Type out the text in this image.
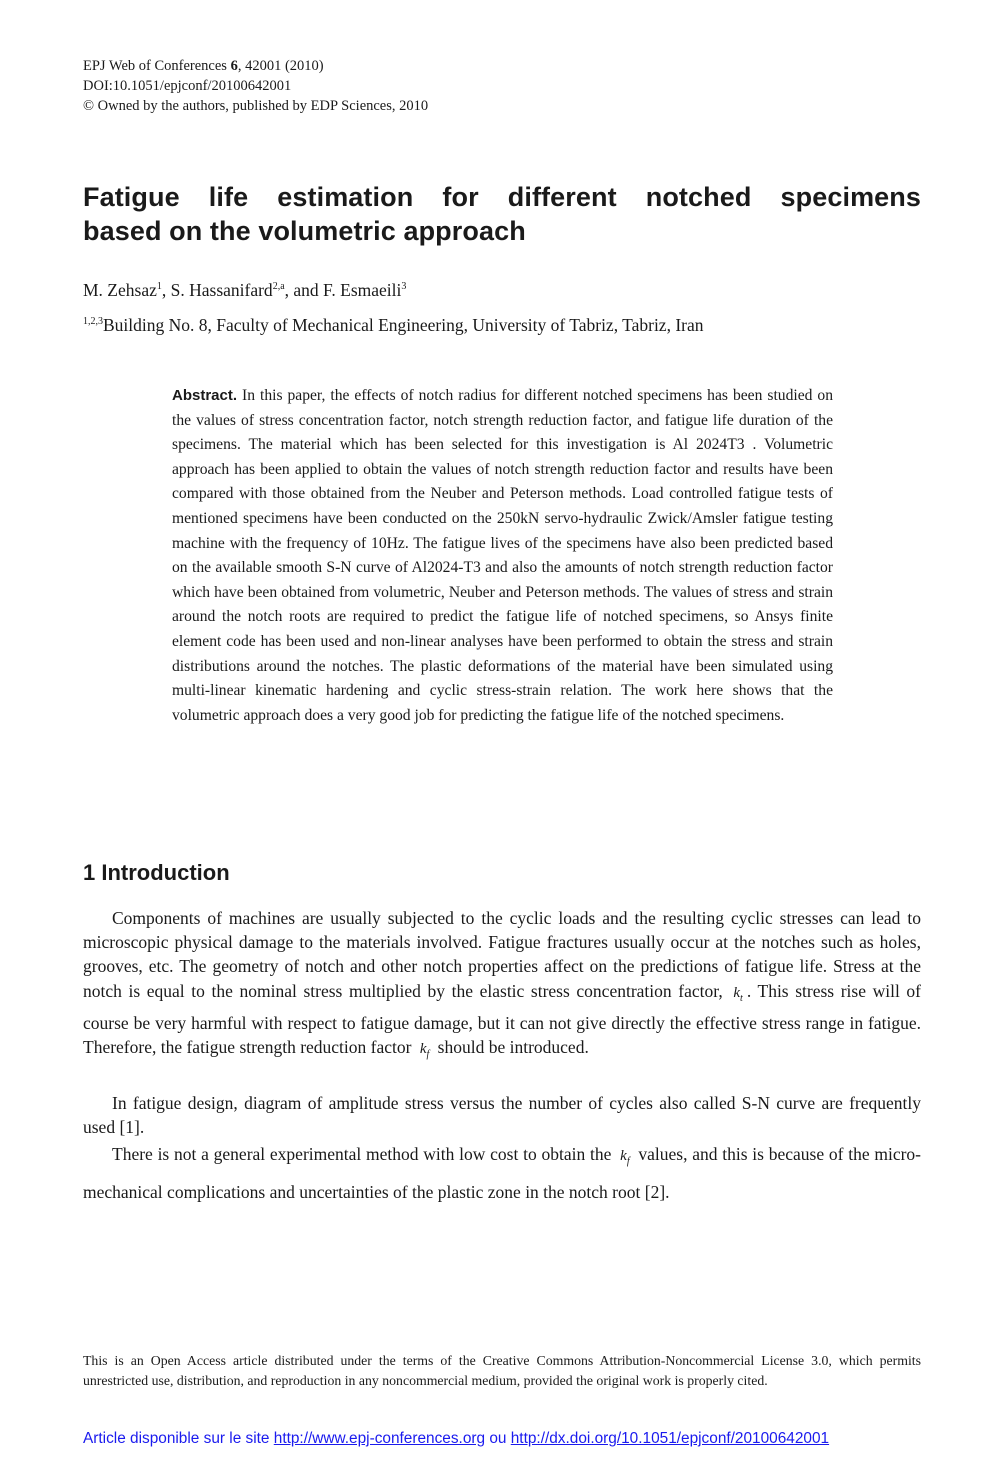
EPJ Web of Conferences 6, 42001 (2010)
DOI:10.1051/epjconf/20100642001
© Owned by the authors, published by EDP Sciences, 2010
Fatigue life estimation for different notched specimens
based on the volumetric approach
M. Zehsaz$^1$, S. Hassanifard$^{2,a}$, and F. Esmaeili$^3$
$^{1,2,3}$Building No. 8, Faculty of Mechanical Engineering, University of Tabriz, Tabriz, Iran
Abstract. In this paper, the effects of notch radius for different notched specimens has been studied on the values of stress concentration factor, notch strength reduction factor, and fatigue life duration of the specimens. The material which has been selected for this investigation is Al 2024T3 . Volumetric approach has been applied to obtain the values of notch strength reduction factor and results have been compared with those obtained from the Neuber and Peterson methods. Load controlled fatigue tests of mentioned specimens have been conducted on the 250kN servo-hydraulic Zwick/Amsler fatigue testing machine with the frequency of 10Hz. The fatigue lives of the specimens have also been predicted based on the available smooth S-N curve of Al2024-T3 and also the amounts of notch strength reduction factor which have been obtained from volumetric, Neuber and Peterson methods. The values of stress and strain around the notch roots are required to predict the fatigue life of notched specimens, so Ansys finite element code has been used and non-linear analyses have been performed to obtain the stress and strain distributions around the notches. The plastic deformations of the material have been simulated using multi-linear kinematic hardening and cyclic stress-strain relation. The work here shows that the volumetric approach does a very good job for predicting the fatigue life of the notched specimens.
1 Introduction

Components of machines are usually subjected to the cyclic loads and the resulting cyclic stresses can lead to microscopic physical damage to the materials involved. Fatigue fractures usually occur at the notches such as holes, grooves, etc. The geometry of notch and other notch properties affect on the predictions of fatigue life. Stress at the notch is equal to the nominal stress multiplied by the elastic stress concentration factor, $k_t$ . This stress rise will of course be very harmful with respect to fatigue damage, but it can not give directly the effective stress range in fatigue. Therefore, the fatigue strength reduction factor $k_f$ should be introduced.

In fatigue design, diagram of amplitude stress versus the number of cycles also called S-N curve are frequently used [1].

There is not a general experimental method with low cost to obtain the $k_f$ values, and this is because of the micro-mechanical complications and uncertainties of the plastic zone in the notch root [2].

This is an Open Access article distributed under the terms of the Creative Commons Attribution-Noncommercial License 3.0, which permits unrestricted use, distribution, and reproduction in any noncommercial medium, provided the original work is properly cited.
Article disponible sur le site http://www.epj-conferences.org ou http://dx.doi.org/10.1051/epjconf/20100642001
